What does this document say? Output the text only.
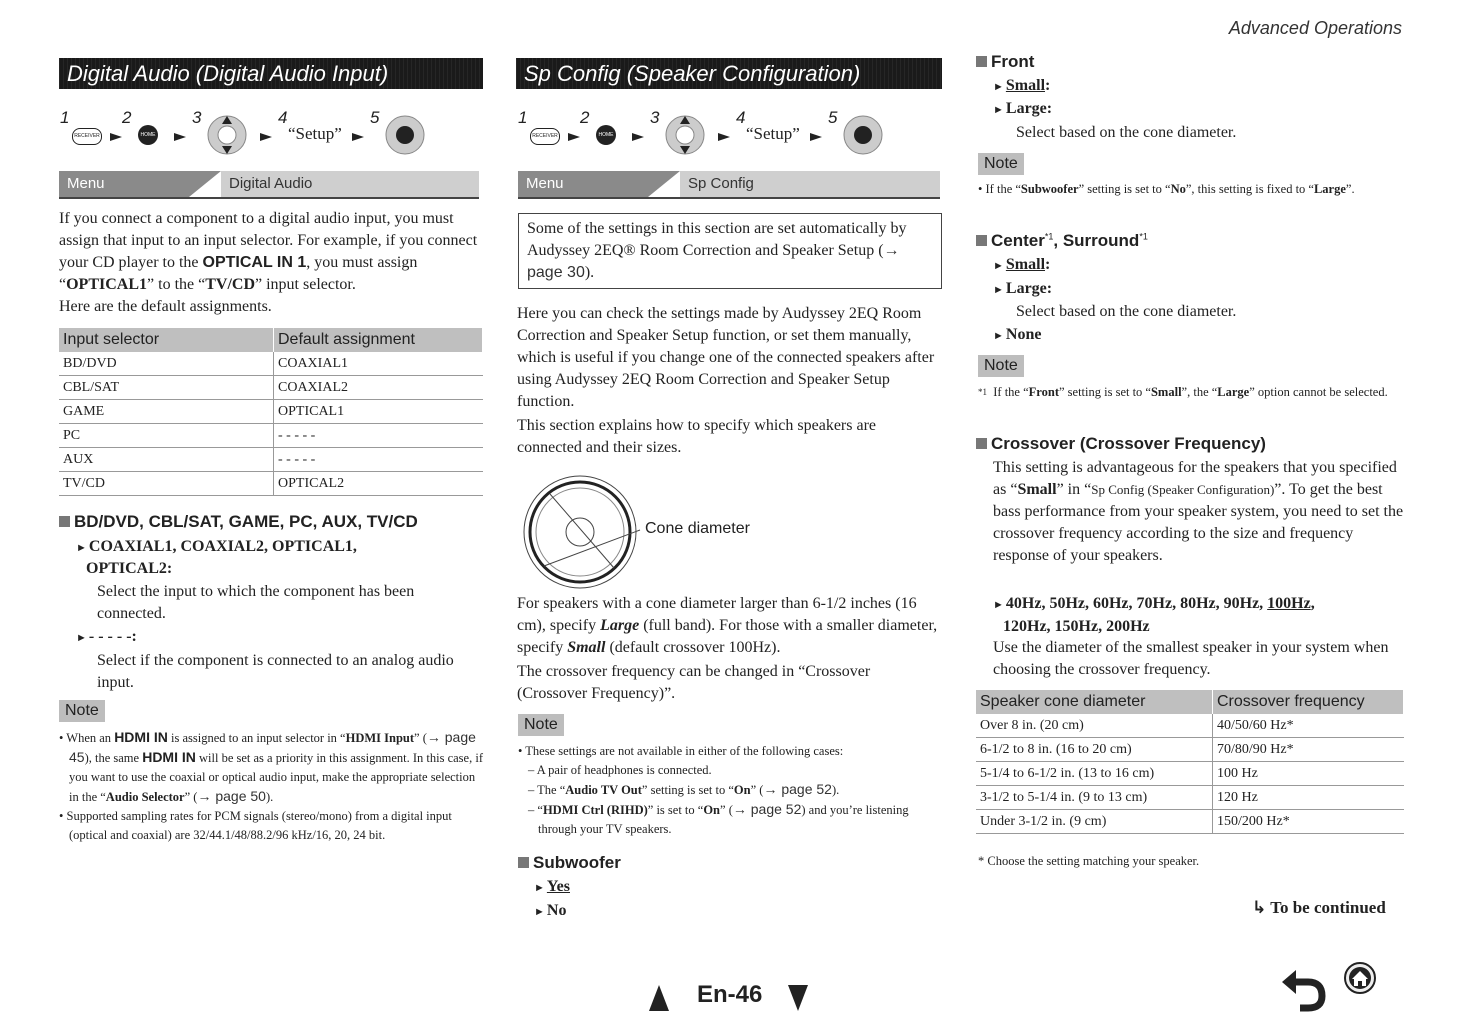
Advanced Operations
Digital Audio (Digital Audio Input)
1
RECEIVER
2
HOME
3	4
“Setup”
5
Menu	Digital Audio

If you connect a component to a digital audio input, you must assign that input to an input selector. For example, if you connect your CD player to the OPTICAL IN 1, you must assign “OPTICAL1” to the “TV/CD” input selector.
Here are the default assignments.

Input selector	Default assignment
BD/DVD	COAXIAL1
CBL/SAT	COAXIAL2
GAME	OPTICAL1
PC	- - - - -
AUX	- - - - -
TV/CD	OPTICAL2
BD/DVD, CBL/SAT, GAME, PC, AUX, TV/CD
► COAXIAL1, COAXIAL2, OPTICAL1,
OPTICAL2:

Select the input to which the component has been connected.

► - - - - -:

Select if the component is connected to an analog audio input.

Note
• When an HDMI IN is assigned to an input selector in “HDMI Input” (→ page 45), the same HDMI IN will be set as a priority in this assignment. In this case, if you want to use the coaxial or optical audio input, make the appropriate selection in the “Audio Selector” (→ page 50).
• Supported sampling rates for PCM signals (stereo/mono) from a digital input (optical and coaxial) are 32/44.1/48/88.2/96 kHz/16, 20, 24 bit.
Sp Config (Speaker Configuration)
1
RECEIVER
2
HOME
3	4
“Setup”
5
Menu	Sp Config
Some of the settings in this section are set automatically by Audyssey 2EQ® Room Correction and Speaker Setup (→ page 30).

Here you can check the settings made by Audyssey 2EQ Room Correction and Speaker Setup function, or set them manually, which is useful if you change one of the connected speakers after using Audyssey 2EQ Room Correction and Speaker Setup function.

This section explains how to specify which speakers are connected and their sizes.

Cone diameter

For speakers with a cone diameter larger than 6-1/2 inches (16 cm), specify Large (full band). For those with a smaller diameter, specify Small (default crossover 100Hz).

The crossover frequency can be changed in “Crossover (Crossover Frequency)”.

Note
• These settings are not available in either of the following cases:
– A pair of headphones is connected.
– The “Audio TV Out” setting is set to “On” (→ page 52).
– “HDMI Ctrl (RIHD)” is set to “On” (→ page 52) and you’re listening through your TV speakers.
Subwoofer
► Yes
► No
Front
► Small:
► Large:

Select based on the cone diameter.

Note
• If the “Subwoofer” setting is set to “No”, this setting is fixed to “Large”.
Center$^{*1}$, Surround$^{*1}$
► Small:
► Large:

Select based on the cone diameter.

► None
Note
$^{*1}$ If the “Front” setting is set to “Small”, the “Large” option cannot be selected.
Crossover (Crossover Frequency)

This setting is advantageous for the speakers that you specified as “Small” in “Sp Config (Speaker Configuration)”. To get the best bass performance from your speaker system, you need to set the crossover frequency according to the size and frequency response of your speakers.

► 40Hz, 50Hz, 60Hz, 70Hz, 80Hz, 90Hz, 100Hz,
120Hz, 150Hz, 200Hz

Use the diameter of the smallest speaker in your system when choosing the crossover frequency.

Speaker cone diameter	Crossover frequency
Over 8 in. (20 cm)	40/50/60 Hz*
6-1/2 to 8 in. (16 to 20 cm)	70/80/90 Hz*
5-1/4 to 6-1/2 in. (13 to 16 cm)	100 Hz
3-1/2 to 5-1/4 in. (9 to 13 cm)	120 Hz
Under 3-1/2 in. (9 cm)	150/200 Hz*
* Choose the setting matching your speaker.
↳ To be continued
En-46
